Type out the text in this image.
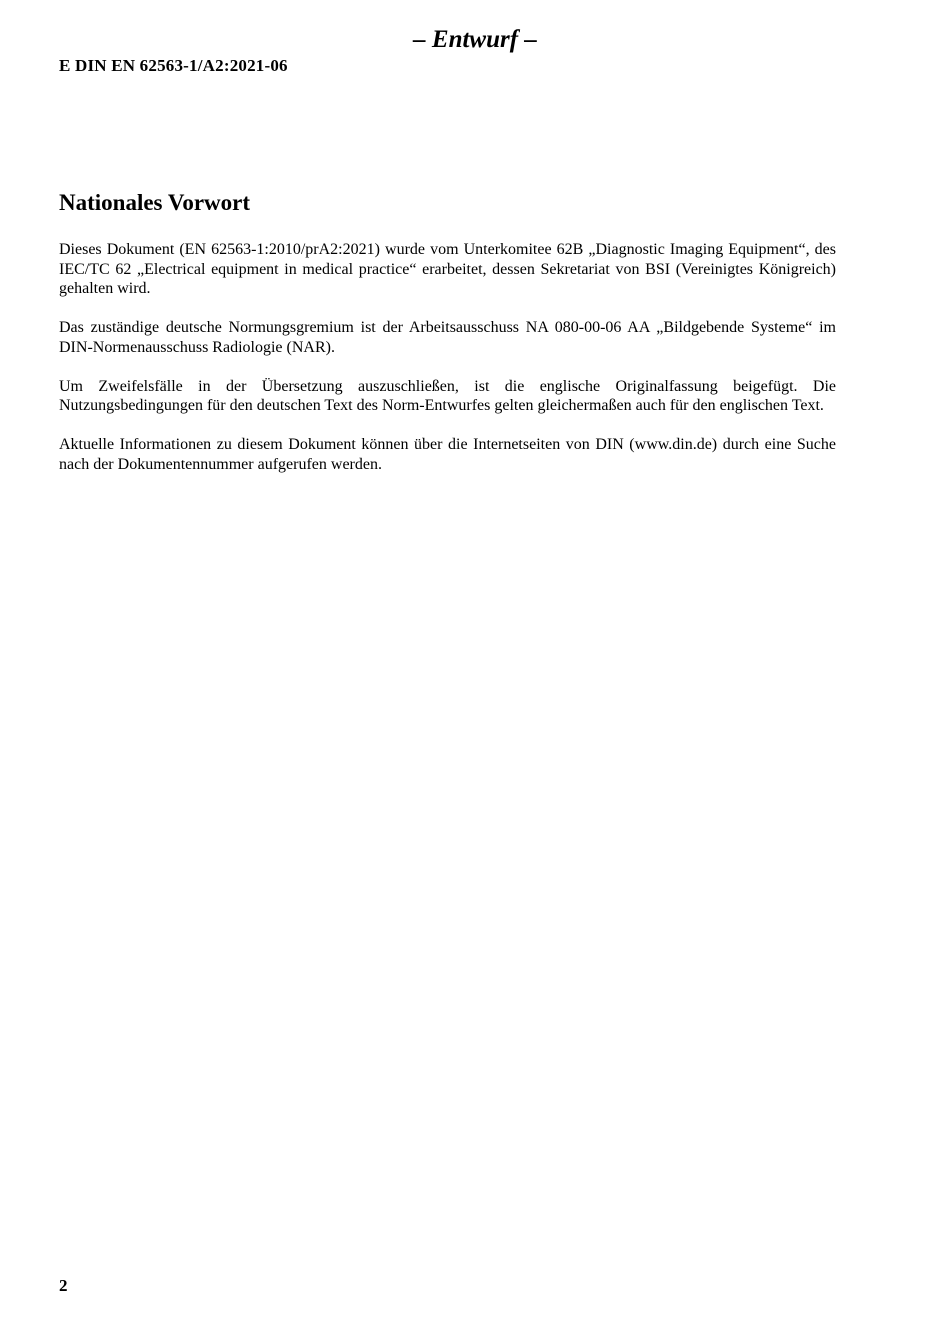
– Entwurf –
E DIN EN 62563-1/A2:2021-06
Nationales Vorwort

Dieses Dokument (EN 62563-1:2010/prA2:2021) wurde vom Unterkomitee 62B „Diagnostic Imaging Equipment“, des IEC/TC 62 „Electrical equipment in medical practice“ erarbeitet, dessen Sekretariat von BSI (Vereinigtes Königreich) gehalten wird.

Das zuständige deutsche Normungsgremium ist der Arbeitsausschuss NA 080-00-06 AA „Bildgebende Systeme“ im DIN-Normenausschuss Radiologie (NAR).

Um Zweifelsfälle in der Übersetzung auszuschließen, ist die englische Originalfassung beigefügt. Die Nutzungsbedingungen für den deutschen Text des Norm-Entwurfes gelten gleichermaßen auch für den englischen Text.

Aktuelle Informationen zu diesem Dokument können über die Internetseiten von DIN (www.din.de) durch eine Suche nach der Dokumentennummer aufgerufen werden.

2
